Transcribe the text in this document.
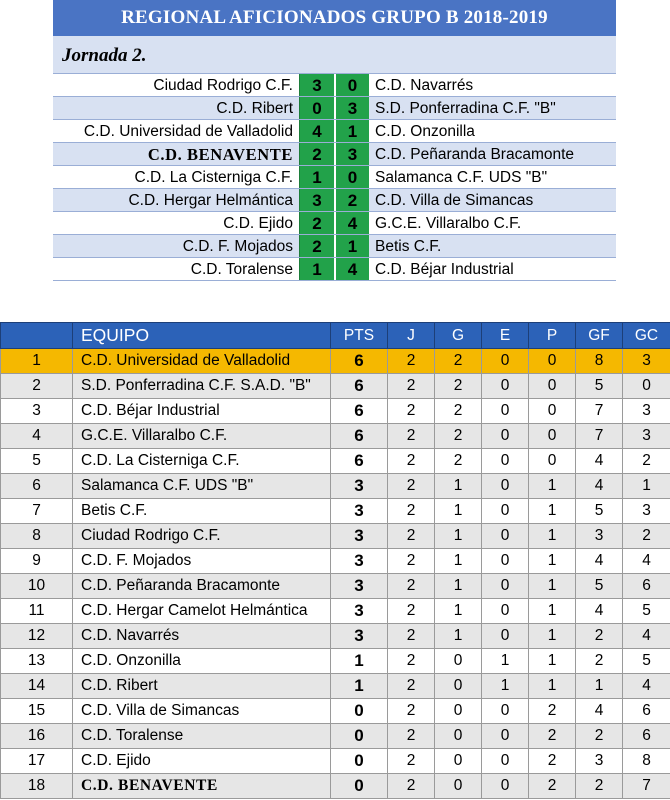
REGIONAL AFICIONADOS GRUPO B 2018-2019
Jornada 2.
Ciudad Rodrigo C.F.	3	0	C.D. Navarrés
C.D. Ribert	0	3	S.D. Ponferradina C.F. "B"
C.D. Universidad de Valladolid	4	1	C.D. Onzonilla
C.D. BENAVENTE	2	3	C.D. Peñaranda Bracamonte
C.D. La Cisterniga C.F.	1	0	Salamanca C.F. UDS "B"
C.D. Hergar Helmántica	3	2	C.D. Villa de Simancas
C.D. Ejido	2	4	G.C.E. Villaralbo C.F.
C.D. F. Mojados	2	1	Betis C.F.
C.D. Toralense	1	4	C.D. Béjar Industrial
	EQUIPO	PTS	J	G	E	P	GF	GC
1	C.D. Universidad de Valladolid	6	2	2	0	0	8	3
2	S.D. Ponferradina C.F. S.A.D. "B"	6	2	2	0	0	5	0
3	C.D. Béjar Industrial	6	2	2	0	0	7	3
4	G.C.E. Villaralbo C.F.	6	2	2	0	0	7	3
5	C.D. La Cisterniga C.F.	6	2	2	0	0	4	2
6	Salamanca C.F. UDS "B"	3	2	1	0	1	4	1
7	Betis C.F.	3	2	1	0	1	5	3
8	Ciudad Rodrigo C.F.	3	2	1	0	1	3	2
9	C.D. F. Mojados	3	2	1	0	1	4	4
10	C.D. Peñaranda Bracamonte	3	2	1	0	1	5	6
11	C.D. Hergar Camelot Helmántica	3	2	1	0	1	4	5
12	C.D. Navarrés	3	2	1	0	1	2	4
13	C.D. Onzonilla	1	2	0	1	1	2	5
14	C.D. Ribert	1	2	0	1	1	1	4
15	C.D. Villa de Simancas	0	2	0	0	2	4	6
16	C.D. Toralense	0	2	0	0	2	2	6
17	C.D. Ejido	0	2	0	0	2	3	8
18	C.D. BENAVENTE	0	2	0	0	2	2	7
